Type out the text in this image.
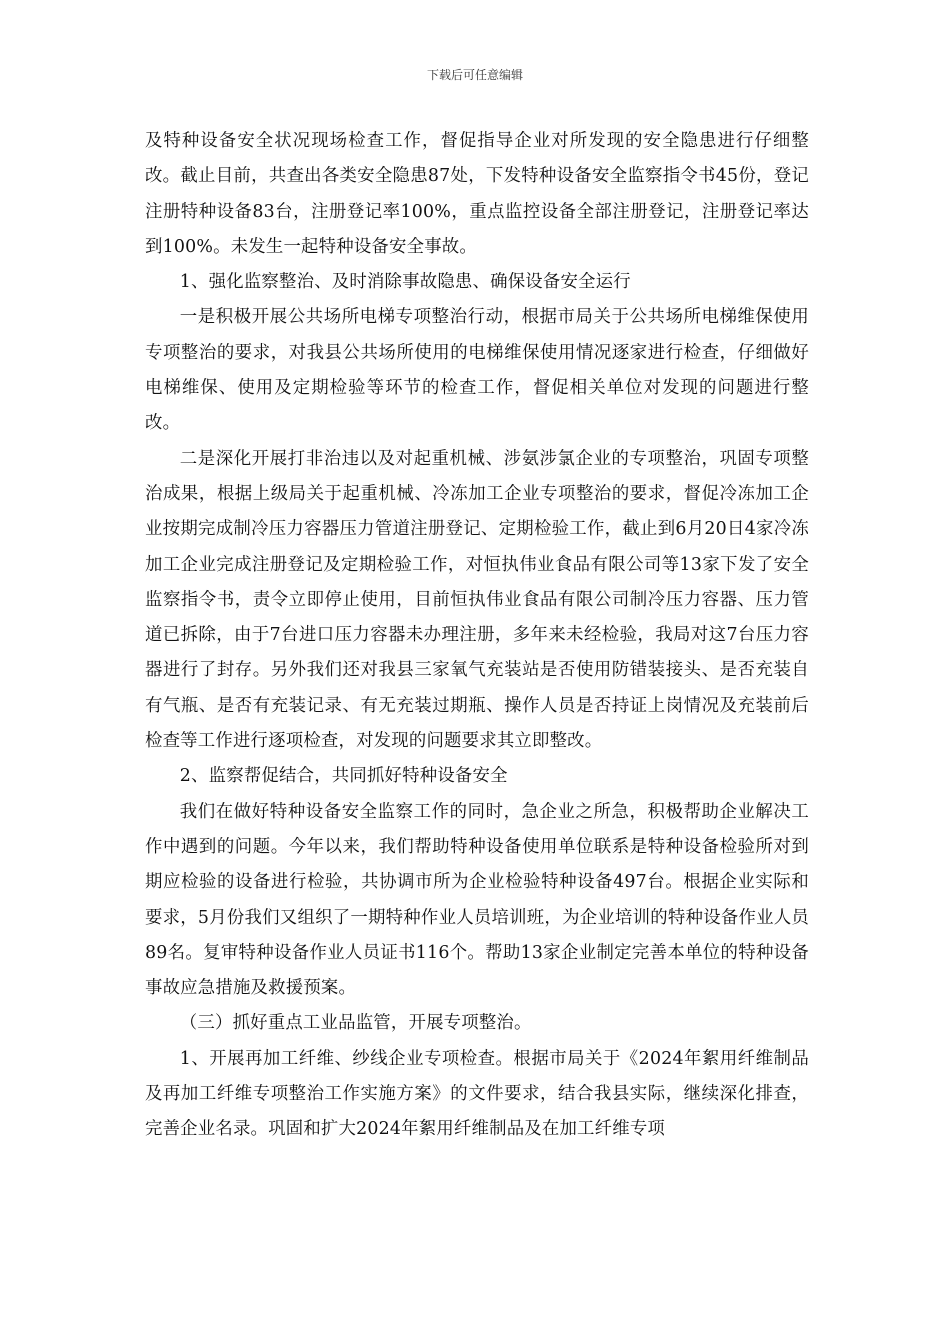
下载后可任意编辑

及特种设备安全状况现场检查工作，督促指导企业对所发现的安全隐患进行仔细整改。截止目前，共查出各类安全隐患87处，下发特种设备安全监察指令书45份，登记注册特种设备83台，注册登记率100%，重点监控设备全部注册登记，注册登记率达到100%。未发生一起特种设备安全事故。

1、强化监察整治、及时消除事故隐患、确保设备安全运行

一是积极开展公共场所电梯专项整治行动，根据市局关于公共场所电梯维保使用专项整治的要求，对我县公共场所使用的电梯维保使用情况逐家进行检查，仔细做好电梯维保、使用及定期检验等环节的检查工作，督促相关单位对发现的问题进行整改。

二是深化开展打非治违以及对起重机械、涉氨涉氯企业的专项整治，巩固专项整治成果，根据上级局关于起重机械、冷冻加工企业专项整治的要求，督促冷冻加工企业按期完成制冷压力容器压力管道注册登记、定期检验工作，截止到6月20日4家冷冻加工企业完成注册登记及定期检验工作，对恒执伟业食品有限公司等13家下发了安全监察指令书，责令立即停止使用，目前恒执伟业食品有限公司制冷压力容器、压力管道已拆除，由于7台进口压力容器未办理注册，多年来未经检验，我局对这7台压力容器进行了封存。另外我们还对我县三家氧气充装站是否使用防错装接头、是否充装自有气瓶、是否有充装记录、有无充装过期瓶、操作人员是否持证上岗情况及充装前后检查等工作进行逐项检查，对发现的问题要求其立即整改。

2、监察帮促结合，共同抓好特种设备安全

我们在做好特种设备安全监察工作的同时，急企业之所急，积极帮助企业解决工作中遇到的问题。今年以来，我们帮助特种设备使用单位联系是特种设备检验所对到期应检验的设备进行检验，共协调市所为企业检验特种设备497台。根据企业实际和要求，5月份我们又组织了一期特种作业人员培训班，为企业培训的特种设备作业人员89名。复审特种设备作业人员证书116个。帮助13家企业制定完善本单位的特种设备事故应急措施及救援预案。

（三）抓好重点工业品监管，开展专项整治。

1、开展再加工纤维、纱线企业专项检查。根据市局关于《2024年絮用纤维制品及再加工纤维专项整治工作实施方案》的文件要求，结合我县实际，继续深化排查，完善企业名录。巩固和扩大2024年絮用纤维制品及在加工纤维专项
